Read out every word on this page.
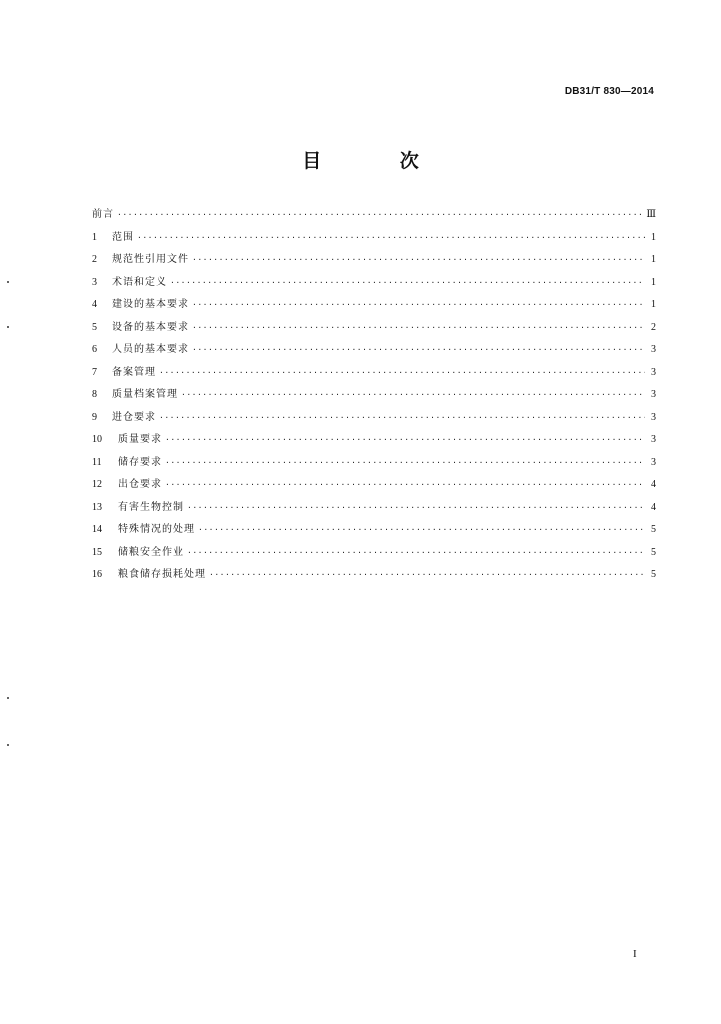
DB31/T 830—2014
目 次
前言 ·····	Ⅲ
1	范围 ·····	1
2	规范性引用文件 ·····	1
3	术语和定义 ·····	1
4	建设的基本要求 ·····	1
5	设备的基本要求 ·····	2
6	人员的基本要求 ·····	3
7	备案管理 ·····	3
8	质量档案管理 ·····	3
9	进仓要求 ·····	3
10	质量要求 ·····	3
11	储存要求 ·····	3
12	出仓要求 ·····	4
13	有害生物控制 ·····	4
14	特殊情况的处理 ·····	5
15	储粮安全作业 ·····	5
16	粮食储存损耗处理 ·····	5
I
